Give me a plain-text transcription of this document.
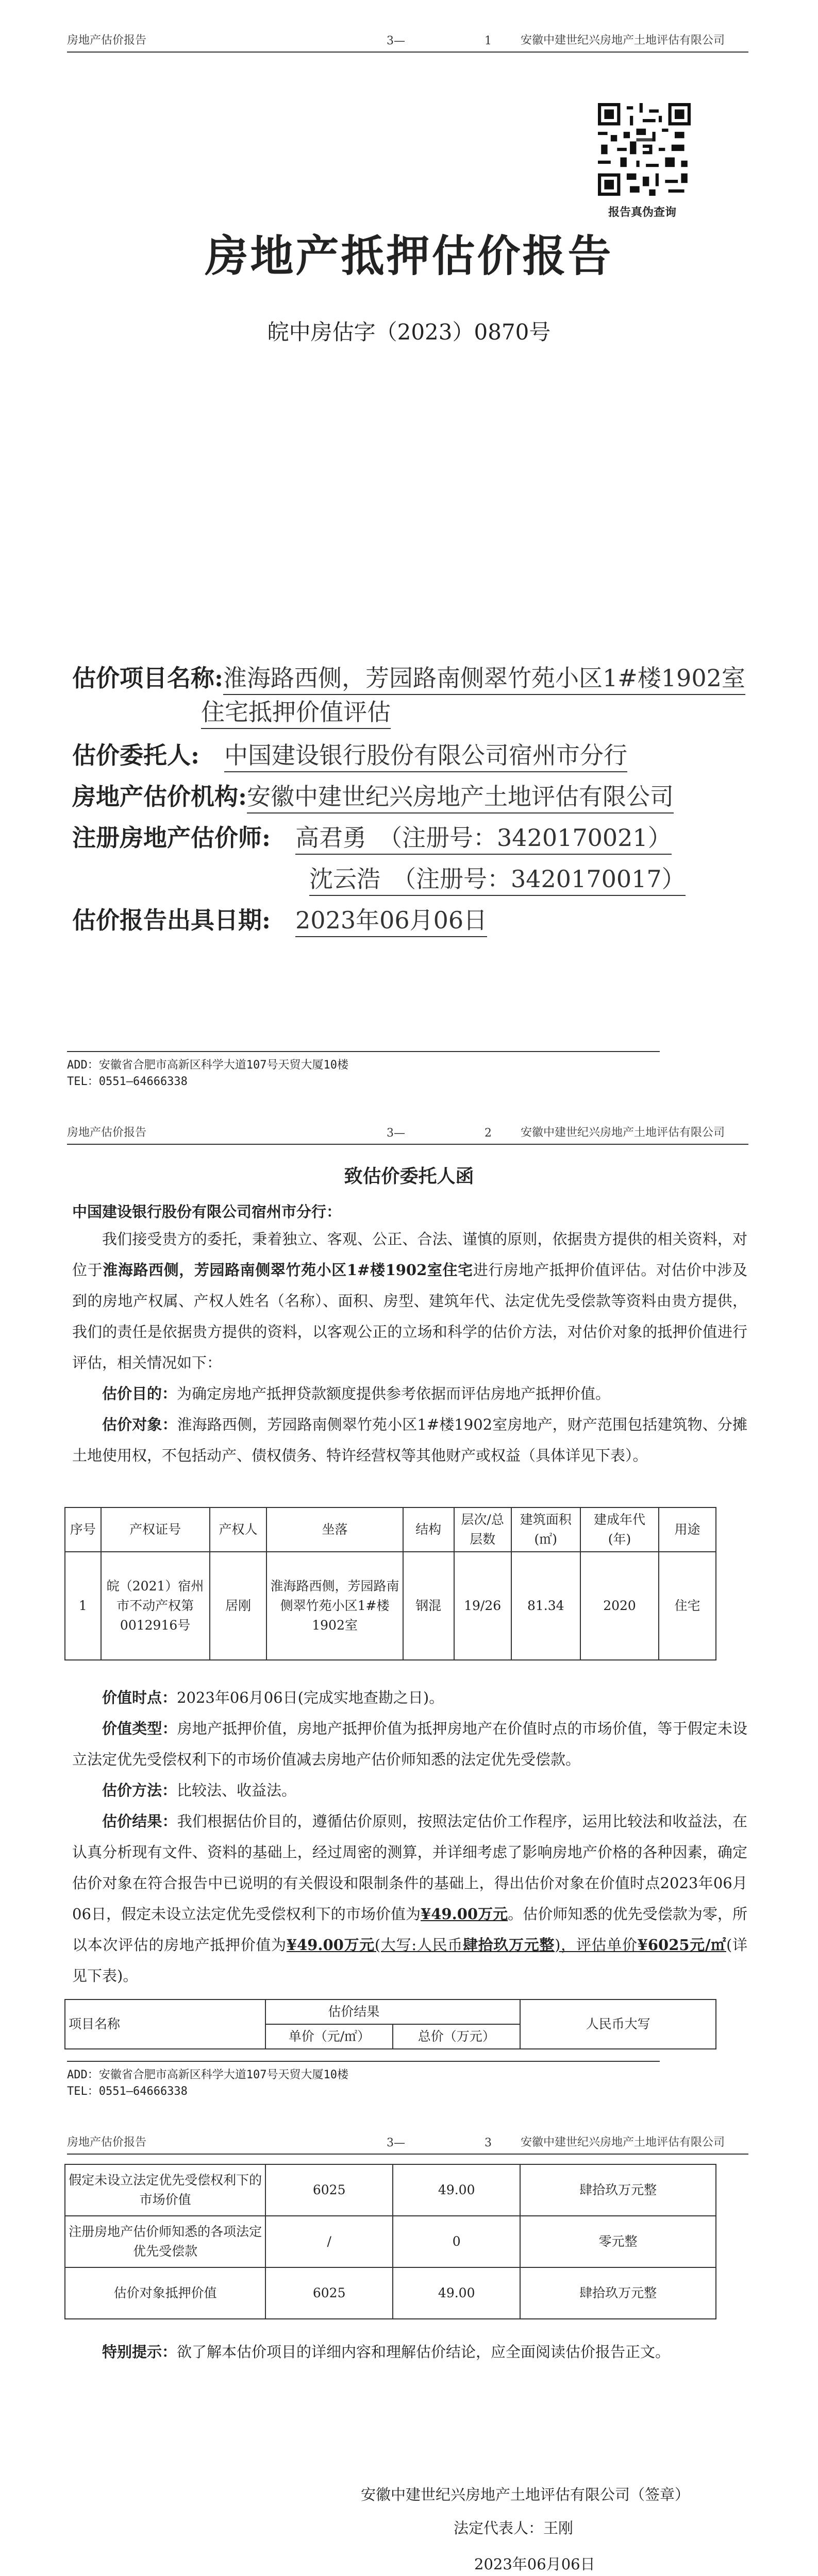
房地产估价报告	3—	1	安徽中建世纪兴房地产土地评估有限公司
报告真伪查询
房地产抵押估价报告
皖中房估字（2023）0870号
估价项目名称:淮海路西侧，芳园路南侧翠竹苑小区1#楼1902室
住宅抵押价值评估
估价委托人: 中国建设银行股份有限公司宿州市分行
房地产估价机构:安徽中建世纪兴房地产土地评估有限公司
注册房地产估价师: 高君勇　（注册号：3420170021）
沈云浩　（注册号：3420170017）
估价报告出具日期: 2023年06月06日
ADD：安徽省合肥市高新区科学大道107号天贸大厦10楼
TEL：0551—64666338
房地产估价报告	3—	2	安徽中建世纪兴房地产土地评估有限公司
致估价委托人函
中国建设银行股份有限公司宿州市分行：
我们接受贵方的委托，秉着独立、客观、公正、合法、谨慎的原则，依据贵方提供的相关资料，对位于淮海路西侧，芳园路南侧翠竹苑小区1#楼1902室住宅进行房地产抵押价值评估。对估价中涉及到的房地产权属、产权人姓名（名称）、面积、房型、建筑年代、法定优先受偿款等资料由贵方提供，我们的责任是依据贵方提供的资料，以客观公正的立场和科学的估价方法，对估价对象的抵押价值进行评估，相关情况如下：
估价目的：为确定房地产抵押贷款额度提供参考依据而评估房地产抵押价值。
估价对象：淮海路西侧，芳园路南侧翠竹苑小区1#楼1902室房地产，财产范围包括建筑物、分摊土地使用权，不包括动产、债权债务、特许经营权等其他财产或权益（具体详见下表）。
序号	产权证号	产权人	坐落	结构	层次/总层数	建筑面积(㎡)	建成年代(年)	用途
1	皖（2021）宿州市不动产权第0012916号	居刚	淮海路西侧，芳园路南侧翠竹苑小区1#楼1902室	钢混	19/26	81.34	2020	住宅
价值时点：2023年06月06日(完成实地查勘之日)。
价值类型：房地产抵押价值，房地产抵押价值为抵押房地产在价值时点的市场价值，等于假定未设立法定优先受偿权利下的市场价值减去房地产估价师知悉的法定优先受偿款。
估价方法：比较法、收益法。
估价结果：我们根据估价目的，遵循估价原则，按照法定估价工作程序，运用比较法和收益法，在认真分析现有文件、资料的基础上，经过周密的测算，并详细考虑了影响房地产价格的各种因素，确定估价对象在符合报告中已说明的有关假设和限制条件的基础上，得出估价对象在价值时点2023年06月06日，假定未设立法定优先受偿权利下的市场价值为¥49.00万元。估价师知悉的优先受偿款为零，所以本次评估的房地产抵押价值为¥49.00万元(大写:人民币肆拾玖万元整)，评估单价¥6025元/㎡(详见下表)。
项目名称	估价结果		人民币大写
	单价（元/㎡）	总价（万元）	
ADD：安徽省合肥市高新区科学大道107号天贸大厦10楼
TEL：0551—64666338
房地产估价报告	3—	3	安徽中建世纪兴房地产土地评估有限公司
假定未设立法定优先受偿权利下的市场价值	6025	49.00	肆拾玖万元整
注册房地产估价师知悉的各项法定优先受偿款	/	0	零元整
估价对象抵押价值	6025	49.00	肆拾玖万元整
特别提示：欲了解本估价项目的详细内容和理解估价结论，应全面阅读估价报告正文。
安徽中建世纪兴房地产土地评估有限公司（签章）
法定代表人：王刚
2023年06月06日
